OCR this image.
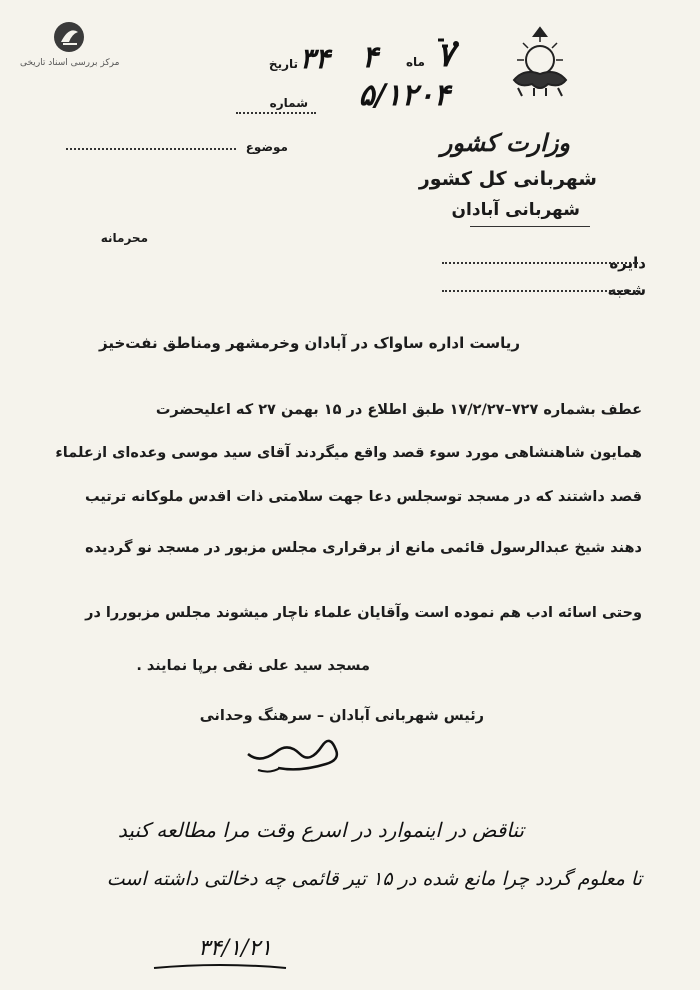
مرکز بررسی اسناد تاریخی
وزارت کشور
شهربانی کل کشور
شهربانی آبادان
دایره
شعبه
تاریخ ۳۴ ۴ ماه ۷
شماره ۵/۱۲۰۴
موضوع
محرمانه
ریاست اداره ساواک در آبادان وخرمشهر ومناطق نفت‌خیز
عطف بشماره ۷۲۷–۱۷/۲/۲۷ طبق اطلاع در ۱۵ بهمن ۲۷ که اعلیحضرت
همایون شاهنشاهی مورد سوء قصد واقع میگردند آقای سید موسی وعده‌ای ازعلماء
قصد داشتند که در مسجد توسجلس دعا جهت سلامتی ذات اقدس ملوکانه ترتیب
دهند شیخ عبدالرسول قائمی مانع از برقراری مجلس مزبور در مسجد نو گردیده
وحتی اسائه ادب هم نموده است وآقایان علماء ناچار میشوند مجلس مزبوررا در
مسجد سید علی نقی برپا نمایند .
رئیس شهربانی آبادان – سرهنگ وحدانی
تناقض در اینموارد در اسرع وقت مرا مطالعه کنید
تا معلوم گردد چرا مانع شده در ۱۵ تیر قائمی چه دخالتی داشته است
۳۴/۱/۲۱
